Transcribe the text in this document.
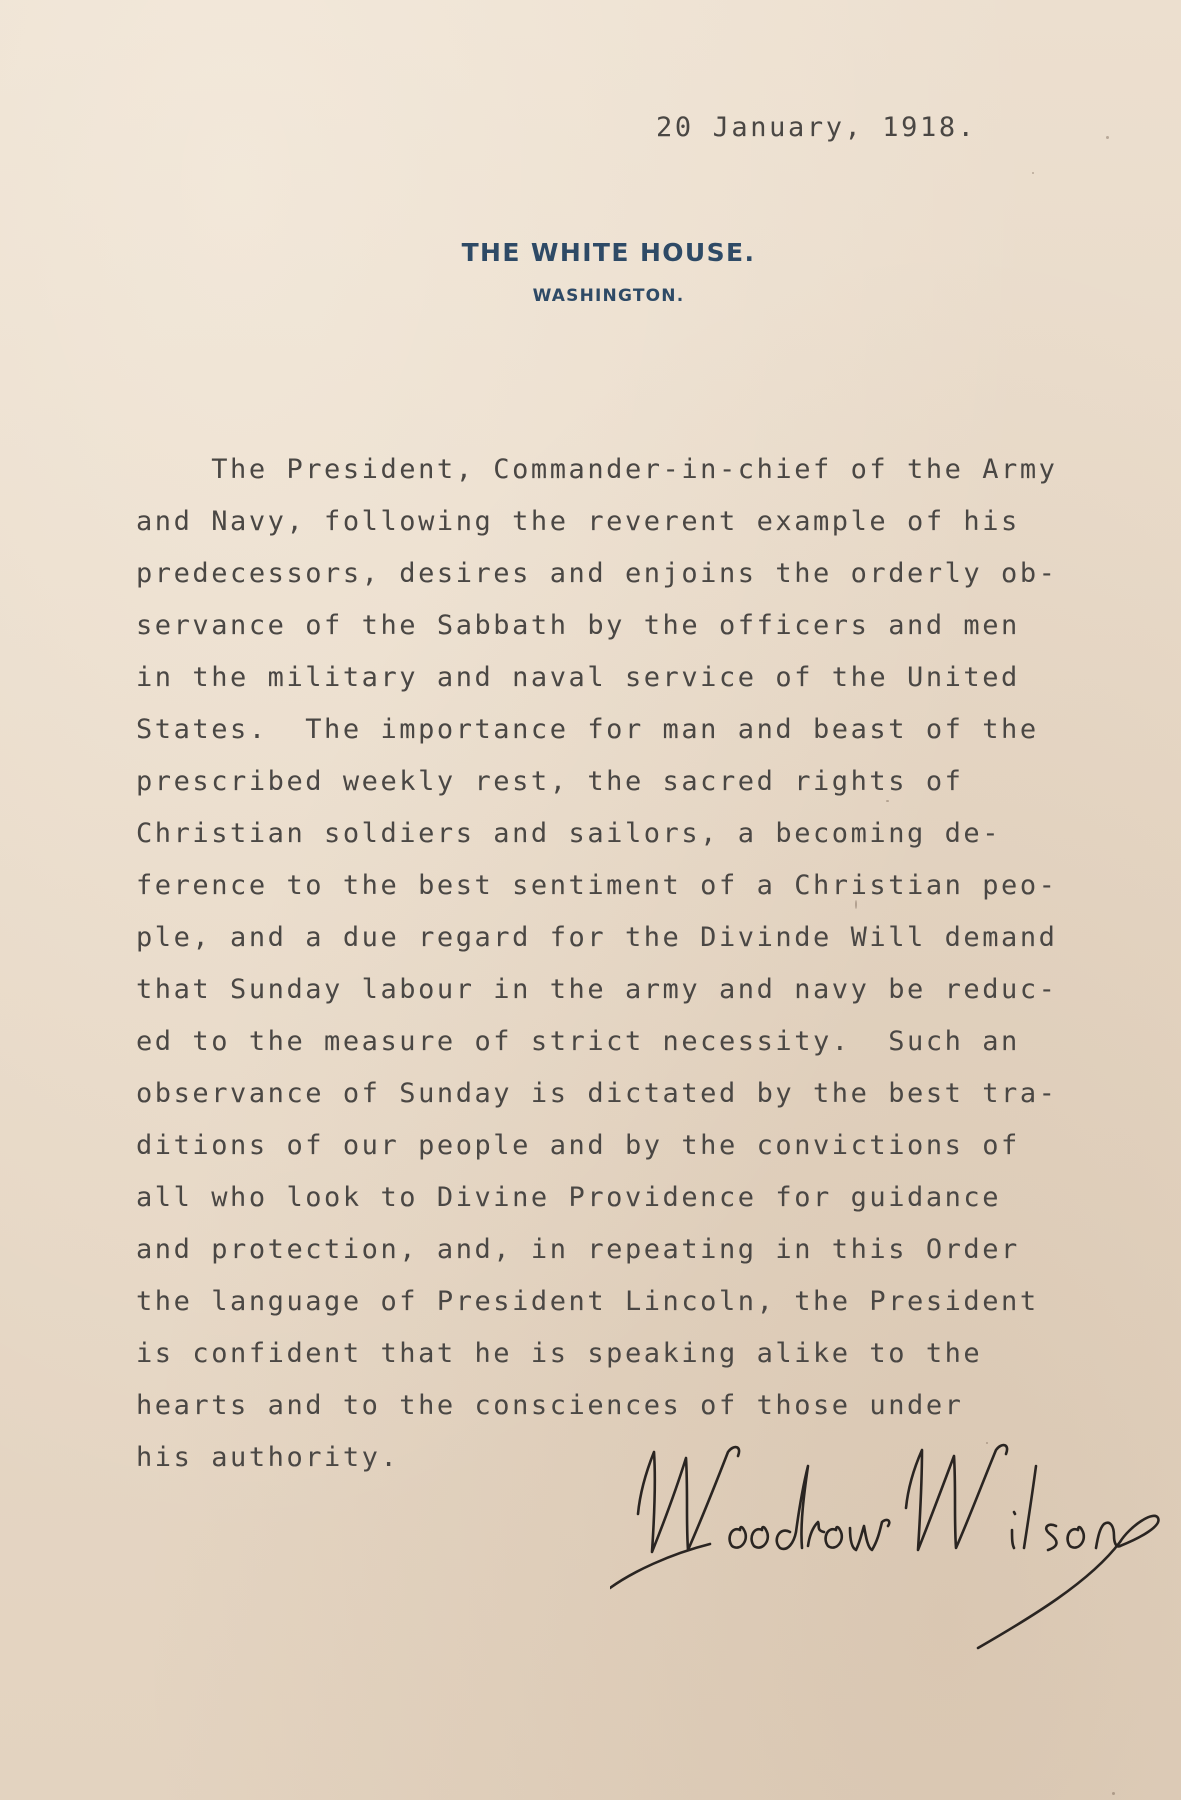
20 January, 1918.
THE WHITE HOUSE.
WASHINGTON.
The President, Commander-in-chief of the Army
and Navy, following the reverent example of his
predecessors, desires and enjoins the orderly ob-
servance of the Sabbath by the officers and men
in the military and naval service of the United
States.  The importance for man and beast of the
prescribed weekly rest, the sacred rights of
Christian soldiers and sailors, a becoming de-
ference to the best sentiment of a Christian peo-
ple, and a due regard for the Divinde Will demand
that Sunday labour in the army and navy be reduc-
ed to the measure of strict necessity.  Such an
observance of Sunday is dictated by the best tra-
ditions of our people and by the convictions of
all who look to Divine Providence for guidance
and protection, and, in repeating in this Order
the language of President Lincoln, the President
is confident that he is speaking alike to the
hearts and to the consciences of those under
his authority.
